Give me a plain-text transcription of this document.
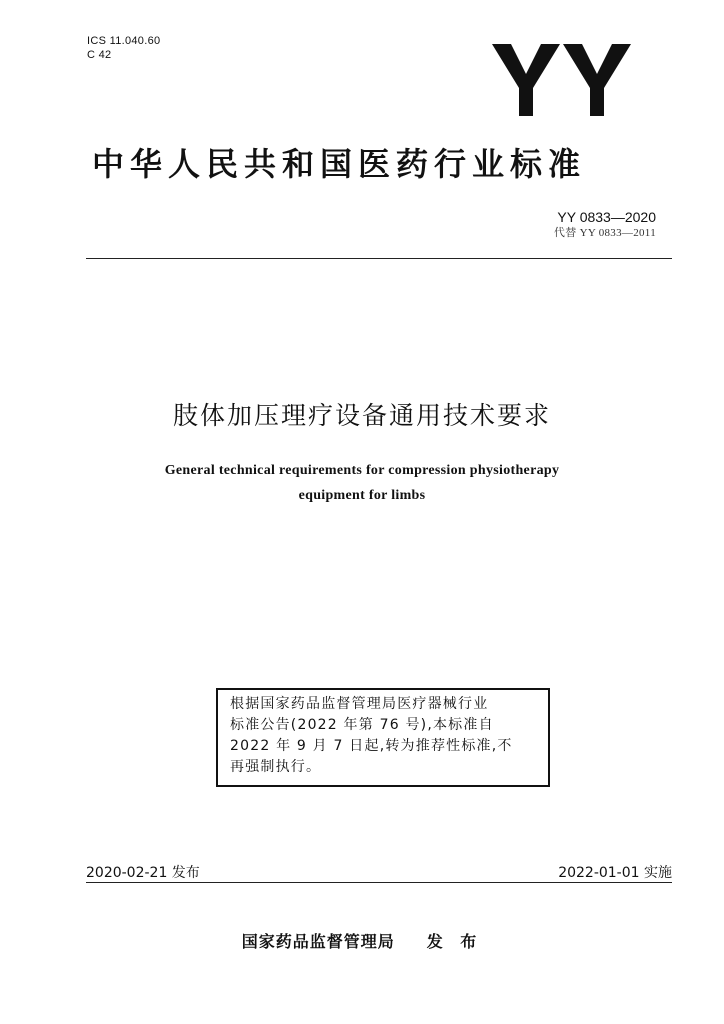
ICS 11.040.60
C 42
中华人民共和国医药行业标准
YY 0833—2020
代替 YY 0833—2011
肢体加压理疗设备通用技术要求
General technical requirements for compression physiotherapy
equipment for limbs
根据国家药品监督管理局医疗器械行业
标准公告(2022 年第 76 号),本标准自
2022 年 9 月 7 日起,转为推荐性标准,不
再强制执行。
2020-02-21 发布	2022-01-01 实施
国家药品监督管理局 发 布
